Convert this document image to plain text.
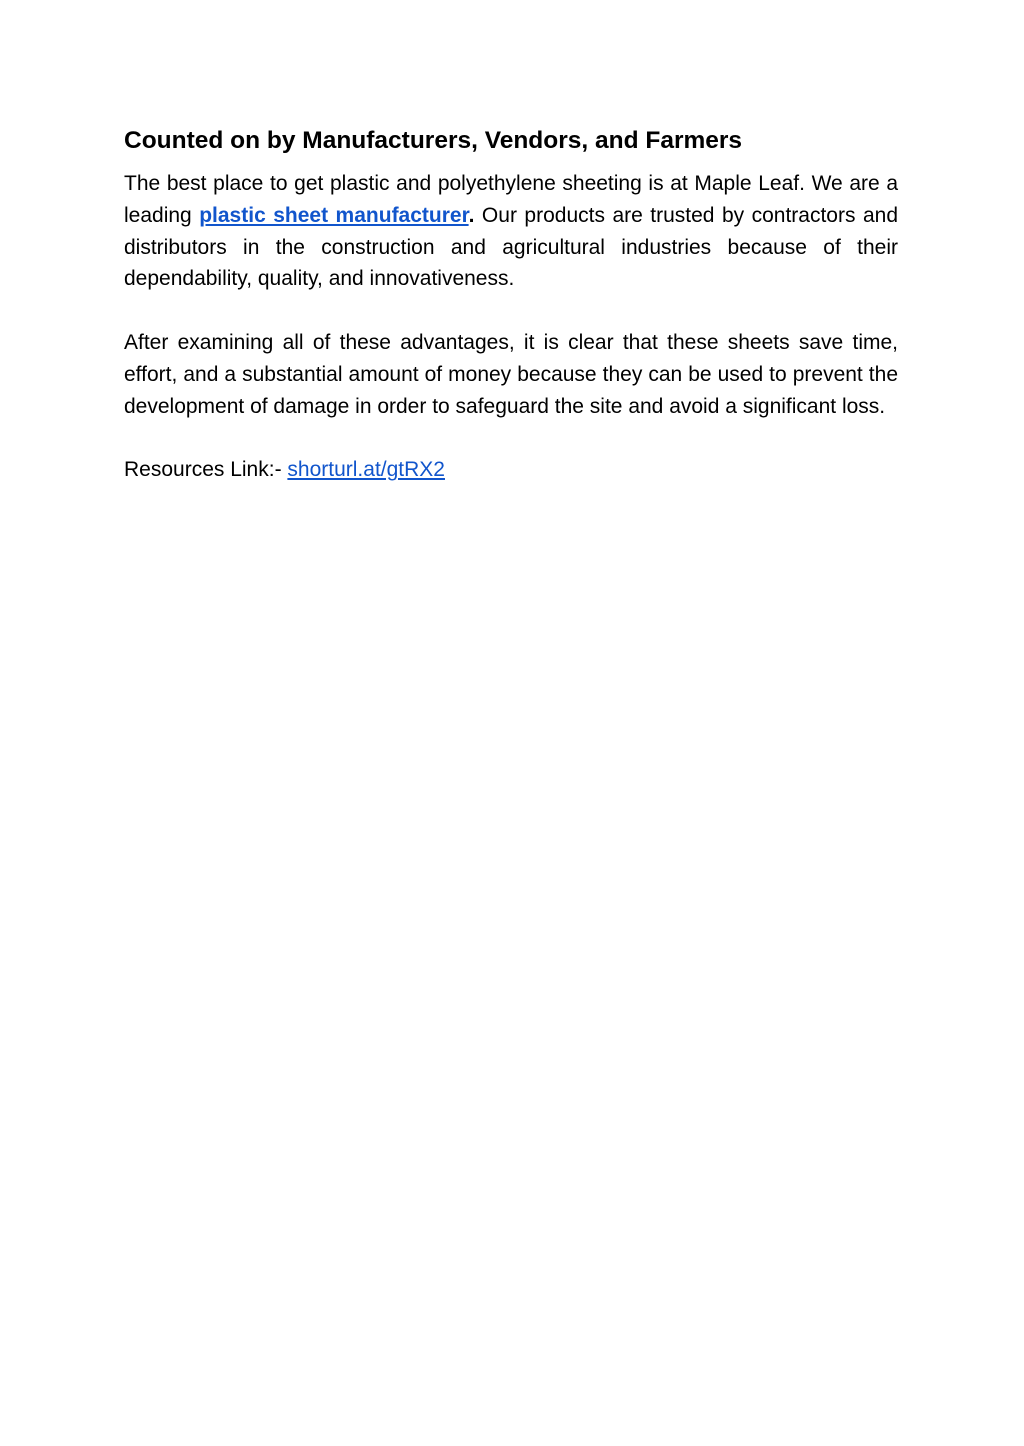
Counted on by Manufacturers, Vendors, and Farmers

The best place to get plastic and polyethylene sheeting is at Maple Leaf. We are a leading plastic sheet manufacturer. Our products are trusted by contractors and distributors in the construction and agricultural industries because of their dependability, quality, and innovativeness.

After examining all of these advantages, it is clear that these sheets save time, effort, and a substantial amount of money because they can be used to prevent the development of damage in order to safeguard the site and avoid a significant loss.

Resources Link:- shorturl.at/gtRX2
